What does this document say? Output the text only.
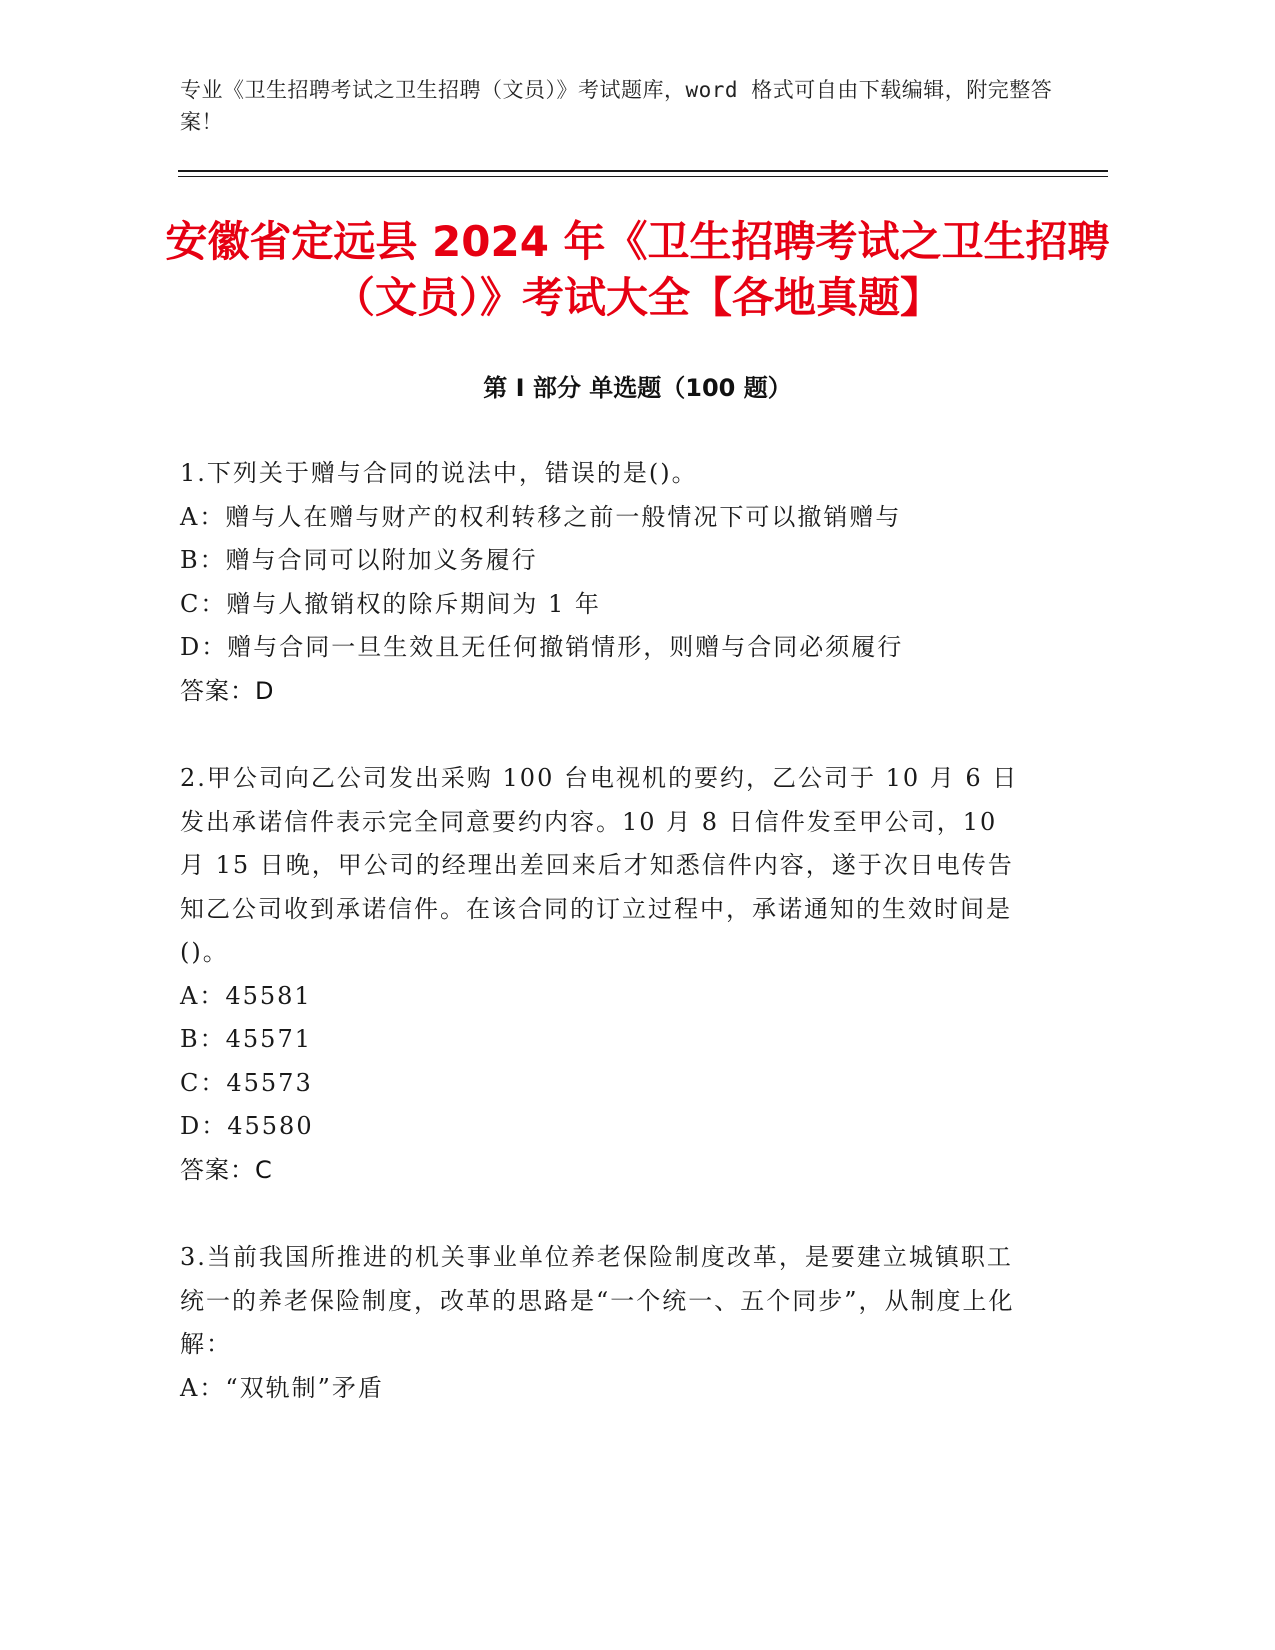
专业《卫生招聘考试之卫生招聘（文员）》考试题库，word 格式可自由下载编辑，附完整答案！
安徽省定远县 2024 年《卫生招聘考试之卫生招聘（文员）》考试大全【各地真题】
第 I 部分 单选题（100 题）

1.下列关于赠与合同的说法中，错误的是()。

A：赠与人在赠与财产的权利转移之前一般情况下可以撤销赠与

B：赠与合同可以附加义务履行

C：赠与人撤销权的除斥期间为 1 年

D：赠与合同一旦生效且无任何撤销情形，则赠与合同必须履行

答案：D

2.甲公司向乙公司发出采购 100 台电视机的要约，乙公司于 10 月 6 日发出承诺信件表示完全同意要约内容。10 月 8 日信件发至甲公司，10 月 15 日晚，甲公司的经理出差回来后才知悉信件内容，遂于次日电传告知乙公司收到承诺信件。在该合同的订立过程中，承诺通知的生效时间是()。

A：45581

B：45571

C：45573

D：45580

答案：C

3.当前我国所推进的机关事业单位养老保险制度改革，是要建立城镇职工统一的养老保险制度，改革的思路是“一个统一、五个同步”，从制度上化解：

A：“双轨制”矛盾
